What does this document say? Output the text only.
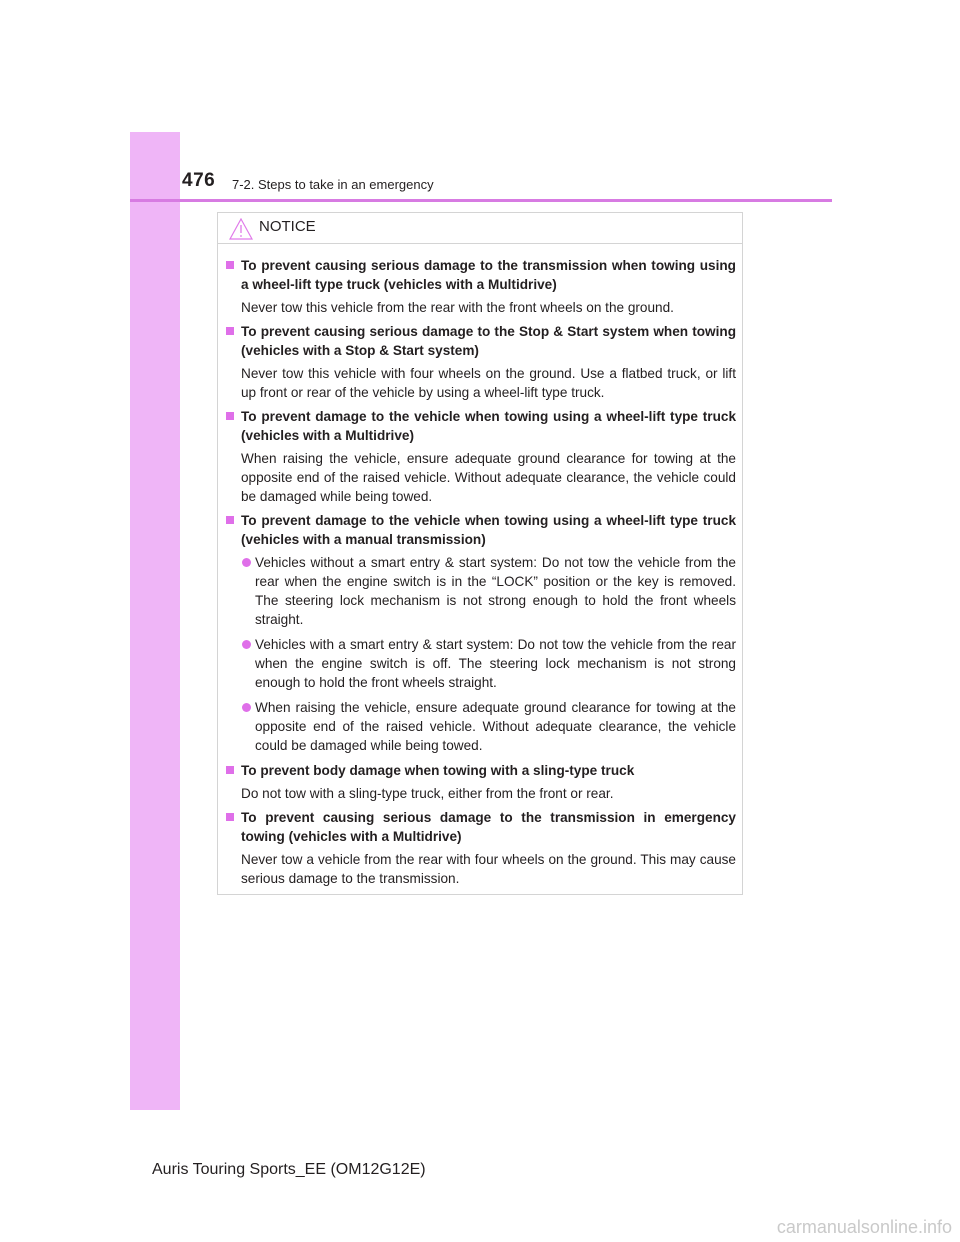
476 7-2. Steps to take in an emergency
NOTICE
To prevent causing serious damage to the transmission when towing using a wheel-lift type truck (vehicles with a Multidrive)
Never tow this vehicle from the rear with the front wheels on the ground.
To prevent causing serious damage to the Stop & Start system when towing (vehicles with a Stop & Start system)
Never tow this vehicle with four wheels on the ground. Use a flatbed truck, or lift up front or rear of the vehicle by using a wheel-lift type truck.
To prevent damage to the vehicle when towing using a wheel-lift type truck (vehicles with a Multidrive)
When raising the vehicle, ensure adequate ground clearance for towing at the opposite end of the raised vehicle. Without adequate clearance, the vehicle could be damaged while being towed.
To prevent damage to the vehicle when towing using a wheel-lift type truck (vehicles with a manual transmission)
Vehicles without a smart entry & start system: Do not tow the vehicle from the rear when the engine switch is in the “LOCK” position or the key is removed. The steering lock mechanism is not strong enough to hold the front wheels straight.
Vehicles with a smart entry & start system: Do not tow the vehicle from the rear when the engine switch is off. The steering lock mechanism is not strong enough to hold the front wheels straight.
When raising the vehicle, ensure adequate ground clearance for towing at the opposite end of the raised vehicle. Without adequate clearance, the vehicle could be damaged while being towed.
To prevent body damage when towing with a sling-type truck
Do not tow with a sling-type truck, either from the front or rear.
To prevent causing serious damage to the transmission in emergency towing (vehicles with a Multidrive)
Never tow a vehicle from the rear with four wheels on the ground. This may cause serious damage to the transmission.
Auris Touring Sports_EE (OM12G12E)
carmanualsonline.info
